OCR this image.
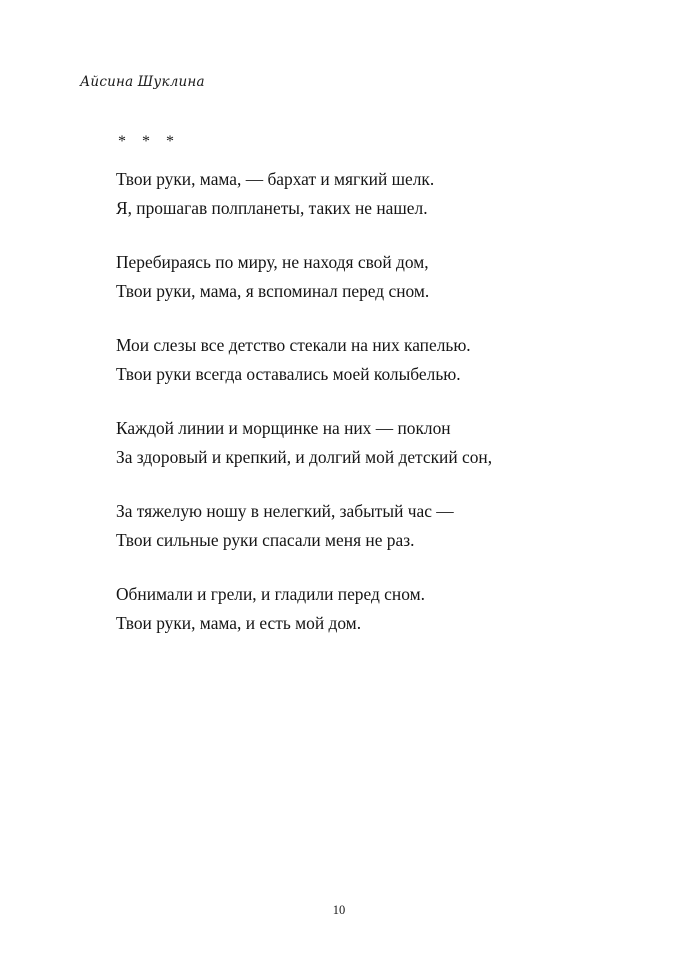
Айсина Шуклина
* * *
Твои руки, мама, — бархат и мягкий шелк.
Я, прошагав полпланеты, таких не нашел.
Перебираясь по миру, не находя свой дом,
Твои руки, мама, я вспоминал перед сном.
Мои слезы все детство стекали на них капелью.
Твои руки всегда оставались моей колыбелью.
Каждой линии и морщинке на них — поклон
За здоровый и крепкий, и долгий мой детский сон,
За тяжелую ношу в нелегкий, забытый час —
Твои сильные руки спасали меня не раз.
Обнимали и грели, и гладили перед сном.
Твои руки, мама, и есть мой дом.
10
